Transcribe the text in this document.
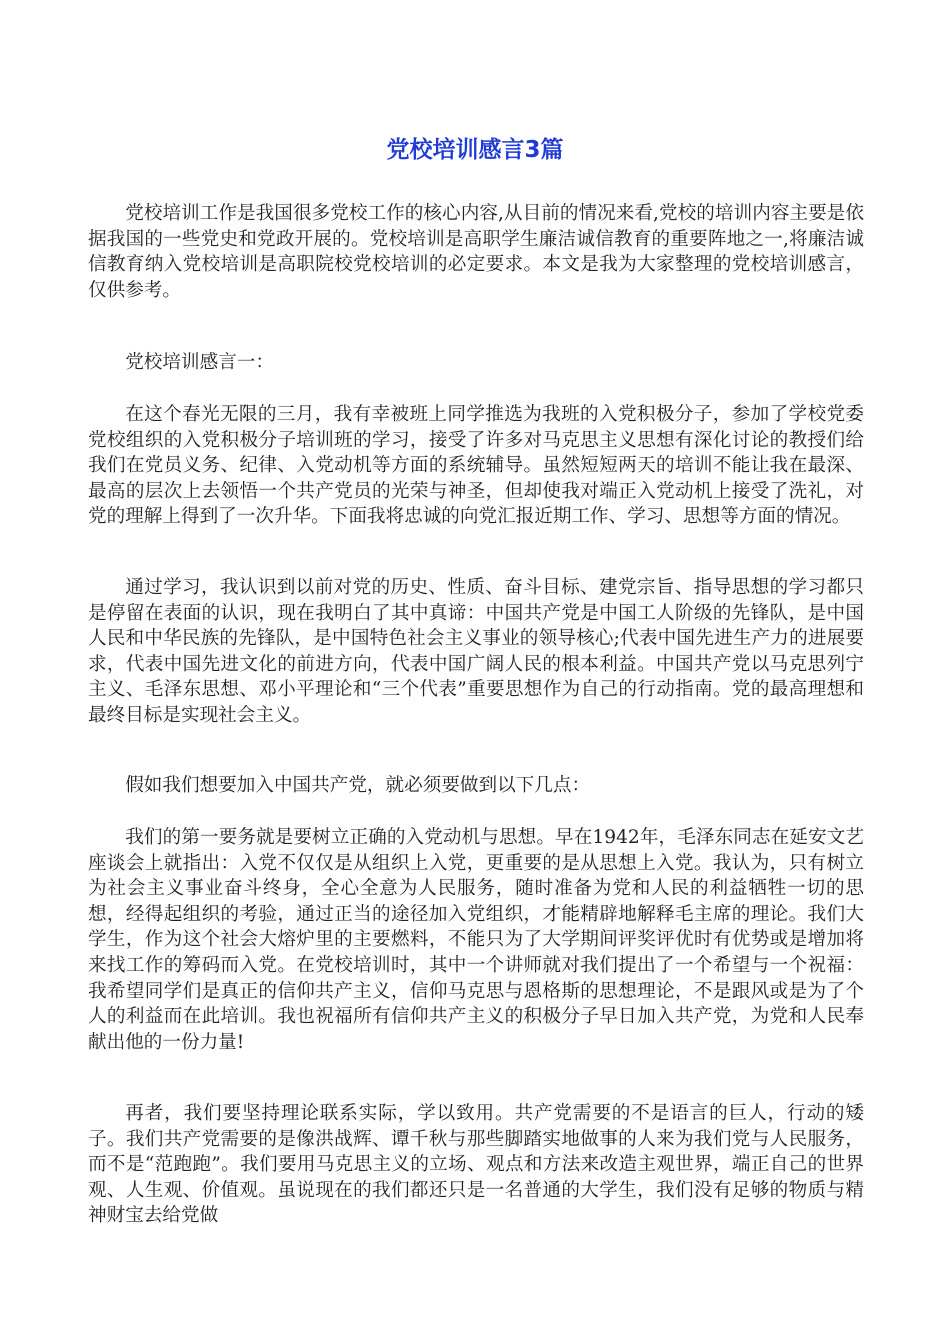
党校培训感言3篇

党校培训工作是我国很多党校工作的核心内容,从目前的情况来看,党校的培训内容主要是依据我国的一些党史和党政开展的。党校培训是高职学生廉洁诚信教育的重要阵地之一,将廉洁诚信教育纳入党校培训是高职院校党校培训的必定要求。本文是我为大家整理的党校培训感言，仅供参考。

党校培训感言一：

在这个春光无限的三月，我有幸被班上同学推选为我班的入党积极分子，参加了学校党委党校组织的入党积极分子培训班的学习，接受了许多对马克思主义思想有深化讨论的教授们给我们在党员义务、纪律、入党动机等方面的系统辅导。虽然短短两天的培训不能让我在最深、最高的层次上去领悟一个共产党员的光荣与神圣，但却使我对端正入党动机上接受了洗礼，对党的理解上得到了一次升华。下面我将忠诚的向党汇报近期工作、学习、思想等方面的情况。

通过学习，我认识到以前对党的历史、性质、奋斗目标、建党宗旨、指导思想的学习都只是停留在表面的认识，现在我明白了其中真谛：中国共产党是中国工人阶级的先锋队，是中国人民和中华民族的先锋队，是中国特色社会主义事业的领导核心;代表中国先进生产力的进展要求，代表中国先进文化的前进方向，代表中国广阔人民的根本利益。中国共产党以马克思列宁主义、毛泽东思想、邓小平理论和“三个代表”重要思想作为自己的行动指南。党的最高理想和最终目标是实现社会主义。

假如我们想要加入中国共产党，就必须要做到以下几点：

我们的第一要务就是要树立正确的入党动机与思想。早在1942年，毛泽东同志在延安文艺座谈会上就指出：入党不仅仅是从组织上入党，更重要的是从思想上入党。我认为，只有树立为社会主义事业奋斗终身，全心全意为人民服务，随时准备为党和人民的利益牺牲一切的思想，经得起组织的考验，通过正当的途径加入党组织，才能精辟地解释毛主席的理论。我们大学生，作为这个社会大熔炉里的主要燃料，不能只为了大学期间评奖评优时有优势或是增加将来找工作的筹码而入党。在党校培训时，其中一个讲师就对我们提出了一个希望与一个祝福：我希望同学们是真正的信仰共产主义，信仰马克思与恩格斯的思想理论，不是跟风或是为了个人的利益而在此培训。我也祝福所有信仰共产主义的积极分子早日加入共产党，为党和人民奉献出他的一份力量!

再者，我们要坚持理论联系实际，学以致用。共产党需要的不是语言的巨人，行动的矮子。我们共产党需要的是像洪战辉、谭千秋与那些脚踏实地做事的人来为我们党与人民服务，而不是“范跑跑”。我们要用马克思主义的立场、观点和方法来改造主观世界，端正自己的世界观、人生观、价值观。虽说现在的我们都还只是一名普通的大学生，我们没有足够的物质与精神财宝去给党做
